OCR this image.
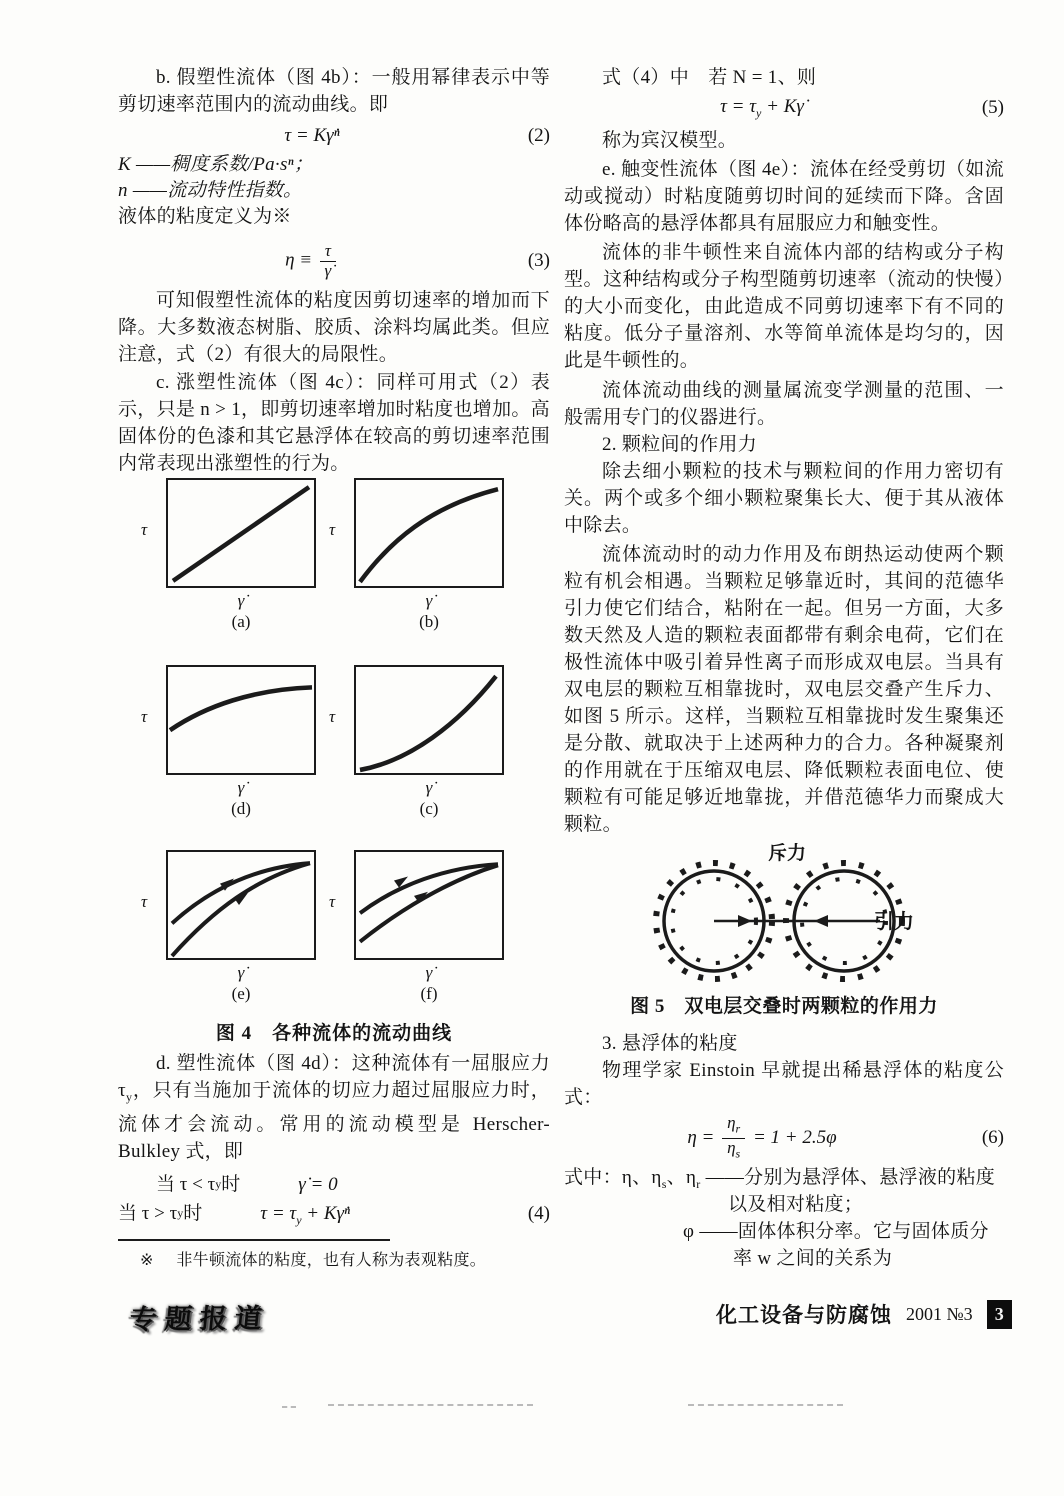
b. 假塑性流体（图 4b）：一般用幂律表示中等剪切速率范围内的流动曲线。即

τ = Kγ̇ⁿ	(2)

K ——稠度系数/Pa·sⁿ；

n ——流动特性指数。

液体的粘度定义为※

$\eta \equiv \frac{\tau}{\gammȧ}$	(3)

可知假塑性流体的粘度因剪切速率的增加而下降。大多数液态树脂、胶质、涂料均属此类。但应注意，式（2）有很大的局限性。

c. 涨塑性流体（图 4c）：同样可用式（2）表示，只是 n > 1，即剪切速率增加时粘度也增加。高固体份的色漆和其它悬浮体在较高的剪切速率范围内常表现出涨塑性的行为。

τ
γ̇
(a)
τ
γ̇
(b)
τ
γ̇
(d)
τ
γ̇
(c)
τ
γ̇
(e)
τ
γ̇
(f)
图 4　各种流体的流动曲线

d. 塑性流体（图 4d）：这种流体有一屈服应力 $\tau_y$，只有当施加于流体的切应力超过屈服应力时，流体才会流动。常用的流动模型是 Herscher-Bulkley 式，即

当 τ < τ y 时	γ̇ = 0
当 τ > τ y 时	$\tau = \tau_y$ + Kγ̇ⁿ	(4)

※ 非牛顿流体的粘度，也有人称为表观粘度。

式（4）中　若 N = 1、则

$\tau = \tau_y$ + Kγ̇	(5)

称为宾汉模型。

e. 触变性流体（图 4e）：流体在经受剪切（如流动或搅动）时粘度随剪切时间的延续而下降。含固体份略高的悬浮体都具有屈服应力和触变性。

流体的非牛顿性来自流体内部的结构或分子构型。这种结构或分子构型随剪切速率（流动的快慢）的大小而变化，由此造成不同剪切速率下有不同的粘度。低分子量溶剂、水等简单流体是均匀的，因此是牛顿性的。

流体流动曲线的测量属流变学测量的范围、一般需用专门的仪器进行。

2. 颗粒间的作用力

除去细小颗粒的技术与颗粒间的作用力密切有关。两个或多个细小颗粒聚集长大、便于其从液体中除去。

流体流动时的动力作用及布朗热运动使两个颗粒有机会相遇。当颗粒足够靠近时，其间的范德华引力使它们结合，粘附在一起。但另一方面，大多数天然及人造的颗粒表面都带有剩余电荷，它们在极性流体中吸引着异性离子而形成双电层。当具有双电层的颗粒互相靠拢时，双电层交叠产生斥力、如图 5 所示。这样，当颗粒互相靠拢时发生聚集还是分散、就取决于上述两种力的合力。各种凝聚剂的作用就在于压缩双电层、降低颗粒表面电位、使颗粒有可能足够近地靠拢，并借范德华力而聚成大颗粒。

斥力
引力
图 5　双电层交叠时两颗粒的作用力

3. 悬浮体的粘度

物理学家 Einstoin 早就提出稀悬浮体的粘度公式：

$\eta = \frac{\eta_r}{\eta_s} = 1 + 2.5\varphi$	(6)

式中：η、$\eta_s$、$\eta_r$ ——分别为悬浮体、悬浮液的粘度

以及相对粘度；

φ ——固体体积分率。它与固体质分

率 w 之间的关系为

专题报道	化工设备与防腐蚀 2001 №3	3
